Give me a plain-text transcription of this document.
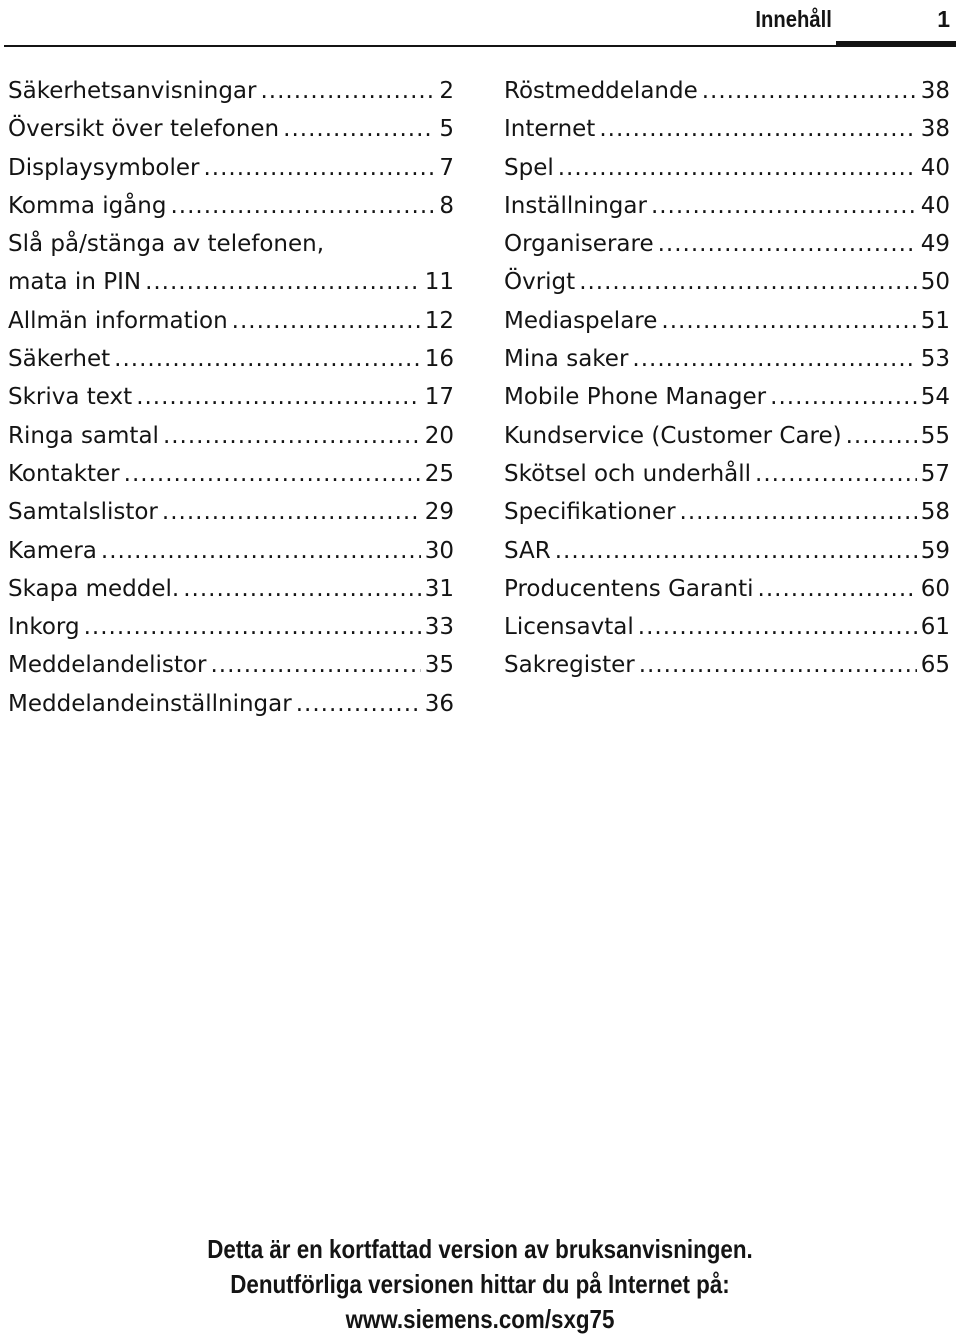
Innehåll	1
Säkerhetsanvisningar .....	2
Översikt över telefonen .....	5
Displaysymboler .....	7
Komma igång .....	8
Slå på/stänga av telefonen,
mata in PIN .....	11
Allmän information .....	12
Säkerhet .....	16
Skriva text .....	17
Ringa samtal .....	20
Kontakter .....	25
Samtalslistor .....	29
Kamera .....	30
Skapa meddel. .....	31
Inkorg .....	33
Meddelandelistor .....	35
Meddelandeinställningar .....	36
Röstmeddelande .....	38
Internet .....	38
Spel .....	40
Inställningar .....	40
Organiserare .....	49
Övrigt .....	50
Mediaspelare .....	51
Mina saker .....	53
Mobile Phone Manager .....	54
Kundservice (Customer Care) .....	55
Skötsel och underhåll .....	57
Specifikationer .....	58
SAR .....	59
Producentens Garanti .....	60
Licensavtal .....	61
Sakregister .....	65
Detta är en kortfattad version av bruksanvisningen.
Denutförliga versionen hittar du på Internet på:
www.siemens.com/sxg75
